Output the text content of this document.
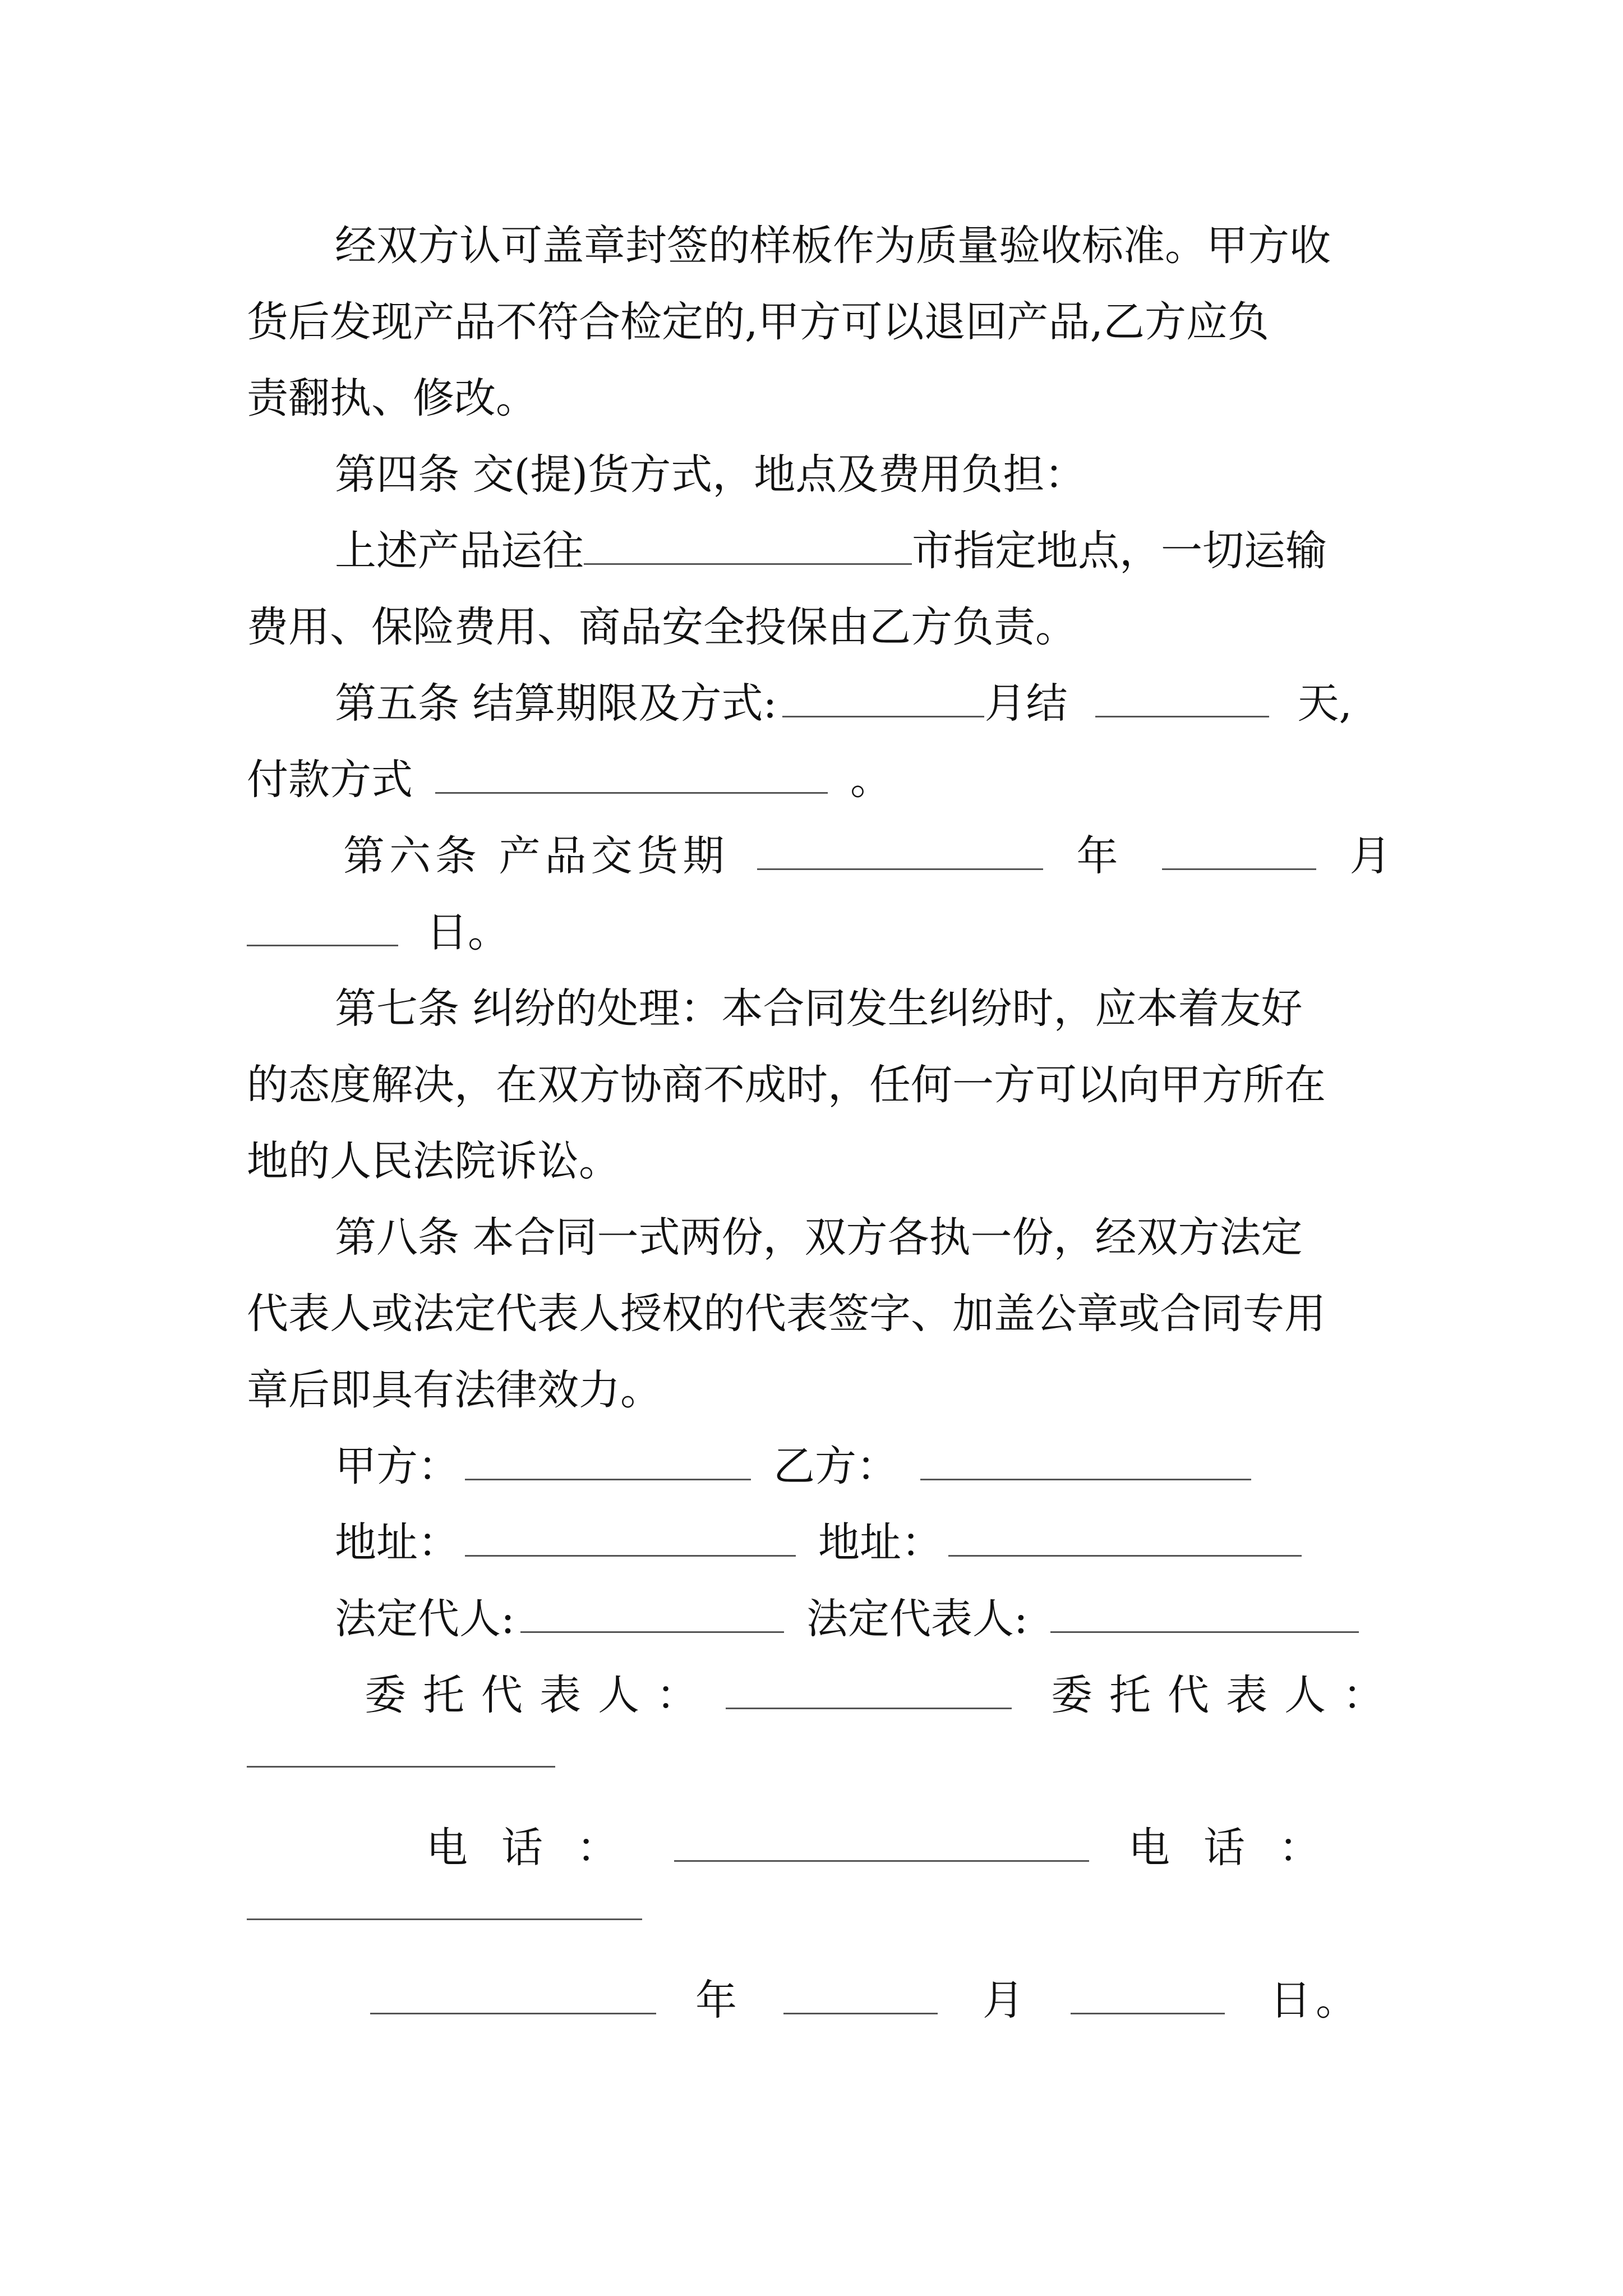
经双方认可盖章封签的样板作为质量验收标准。甲方收
货后发现产品不符合检定的,甲方可以退回产品,乙方应负
责翻执、修改。
第四条 交(提)货方式，地点及费用负担：
上述产品运往	市指定地点，一切运输
费用、保险费用、商品安全投保由乙方负责。
第五条 结算期限及方式:	月结	天,
付款方式	。
第六条 产品交货期	年	月
日。
第七条 纠纷的处理：本合同发生纠纷时，应本着友好
的态度解决，在双方协商不成时，任何一方可以向甲方所在
地的人民法院诉讼。
第八条 本合同一式两份，双方各执一份，经双方法定
代表人或法定代表人授权的代表签字、加盖公章或合同专用
章后即具有法律效力。
甲方：	乙方：
地址：	地址：
法定代人:	法定代表人:
委托代表人：	委托代表人：
电话：	电话：
年	月	日。
